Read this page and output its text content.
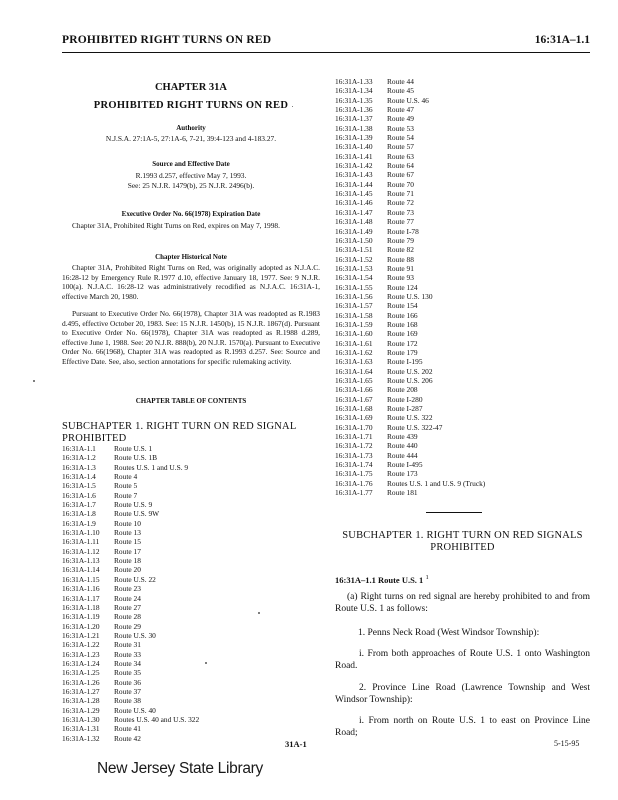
PROHIBITED RIGHT TURNS ON RED	16:31A–1.1
CHAPTER 31A
PROHIBITED RIGHT TURNS ON RED
Authority
N.J.S.A. 27:1A-5, 27:1A-6, 7-21, 39:4-123 and 4-183.27.
Source and Effective Date
R.1993 d.257, effective May 7, 1993.
See: 25 N.J.R. 1479(b), 25 N.J.R. 2496(b).
Executive Order No. 66(1978) Expiration Date
Chapter 31A, Prohibited Right Turns on Red, expires on May 7, 1998.
Chapter Historical Note
Chapter 31A, Prohibited Right Turns on Red, was originally adopted as N.J.A.C. 16:28-12 by Emergency Rule R.1977 d.10, effective January 18, 1977. See: 9 N.J.R. 100(a). N.J.A.C. 16:28-12 was administratively recodified as N.J.A.C. 16:31A-1, effective March 20, 1980.
Pursuant to Executive Order No. 66(1978), Chapter 31A was readopted as R.1983 d.495, effective October 20, 1983. See: 15 N.J.R. 1450(b), 15 N.J.R. 1867(d). Pursuant to Executive Order No. 66(1978), Chapter 31A was readopted as R.1988 d.289, effective June 1, 1988. See: 20 N.J.R. 888(b), 20 N.J.R. 1570(a). Pursuant to Executive Order No. 66(1968), Chapter 31A was readopted as R.1993 d.257. See: Source and Effective Date. See, also, section annotations for specific rulemaking activity.
CHAPTER TABLE OF CONTENTS
SUBCHAPTER 1. RIGHT TURN ON RED SIGNAL PROHIBITED
16:31A-1.1 Route U.S. 1
16:31A-1.2 Route U.S. 1B
16:31A-1.3 Routes U.S. 1 and U.S. 9
16:31A-1.4 Route 4
16:31A-1.5 Route 5
16:31A-1.6 Route 7
16:31A-1.7 Route U.S. 9
16:31A-1.8 Route U.S. 9W
16:31A-1.9 Route 10
16:31A-1.10 Route 13
16:31A-1.11 Route 15
16:31A-1.12 Route 17
16:31A-1.13 Route 18
16:31A-1.14 Route 20
16:31A-1.15 Route U.S. 22
16:31A-1.16 Route 23
16:31A-1.17 Route 24
16:31A-1.18 Route 27
16:31A-1.19 Route 28
16:31A-1.20 Route 29
16:31A-1.21 Route U.S. 30
16:31A-1.22 Route 31
16:31A-1.23 Route 33
16:31A-1.24 Route 34
16:31A-1.25 Route 35
16:31A-1.26 Route 36
16:31A-1.27 Route 37
16:31A-1.28 Route 38
16:31A-1.29 Route U.S. 40
16:31A-1.30 Routes U.S. 40 and U.S. 322
16:31A-1.31 Route 41
16:31A-1.32 Route 42
16:31A-1.33 Route 44
16:31A-1.34 Route 45
16:31A-1.35 Route U.S. 46
16:31A-1.36 Route 47
16:31A-1.37 Route 49
16:31A-1.38 Route 53
16:31A-1.39 Route 54
16:31A-1.40 Route 57
16:31A-1.41 Route 63
16:31A-1.42 Route 64
16:31A-1.43 Route 67
16:31A-1.44 Route 70
16:31A-1.45 Route 71
16:31A-1.46 Route 72
16:31A-1.47 Route 73
16:31A-1.48 Route 77
16:31A-1.49 Route I-78
16:31A-1.50 Route 79
16:31A-1.51 Route 82
16:31A-1.52 Route 88
16:31A-1.53 Route 91
16:31A-1.54 Route 93
16:31A-1.55 Route 124
16:31A-1.56 Route U.S. 130
16:31A-1.57 Route 154
16:31A-1.58 Route 166
16:31A-1.59 Route 168
16:31A-1.60 Route 169
16:31A-1.61 Route 172
16:31A-1.62 Route 179
16:31A-1.63 Route I-195
16:31A-1.64 Route U.S. 202
16:31A-1.65 Route U.S. 206
16:31A-1.66 Route 208
16:31A-1.67 Route I-280
16:31A-1.68 Route I-287
16:31A-1.69 Route U.S. 322
16:31A-1.70 Route U.S. 322-47
16:31A-1.71 Route 439
16:31A-1.72 Route 440
16:31A-1.73 Route 444
16:31A-1.74 Route I-495
16:31A-1.75 Route 173
16:31A-1.76 Routes U.S. 1 and U.S. 9 (Truck)
16:31A-1.77 Route 181
SUBCHAPTER 1. RIGHT TURN ON RED SIGNALS PROHIBITED
16:31A–1.1 Route U.S. 1 $^1$
(a) Right turns on red signal are hereby prohibited to and from Route U.S. 1 as follows:
1. Penns Neck Road (West Windsor Township):
i. From both approaches of Route U.S. 1 onto Washington Road.
2. Province Line Road (Lawrence Township and West Windsor Township):
i. From north on Route U.S. 1 to east on Province Line Road;
31A-1	5-15-95
New Jersey State Library
